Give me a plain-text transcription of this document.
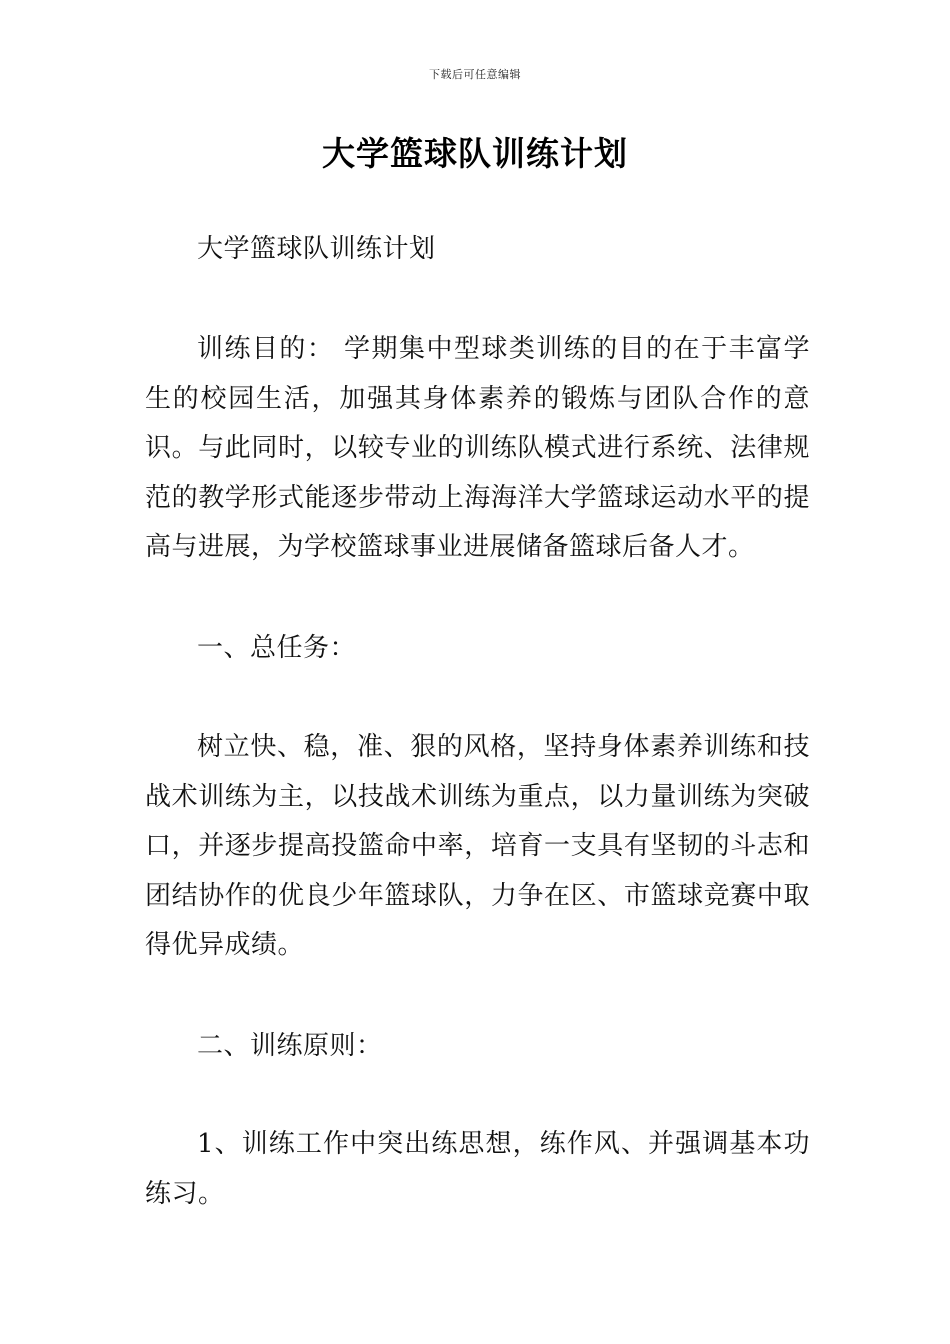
下载后可任意编辑
大学篮球队训练计划

大学篮球队训练计划

训练目的： 学期集中型球类训练的目的在于丰富学生的校园生活，加强其身体素养的锻炼与团队合作的意识。与此同时，以较专业的训练队模式进行系统、法律规范的教学形式能逐步带动上海海洋大学篮球运动水平的提高与进展，为学校篮球事业进展储备篮球后备人才。

一、总任务：

树立快、稳，准、狠的风格，坚持身体素养训练和技战术训练为主，以技战术训练为重点，以力量训练为突破口，并逐步提高投篮命中率，培育一支具有坚韧的斗志和团结协作的优良少年篮球队，力争在区、市篮球竞赛中取得优异成绩。

二、训练原则：

1、训练工作中突出练思想，练作风、并强调基本功练习。
